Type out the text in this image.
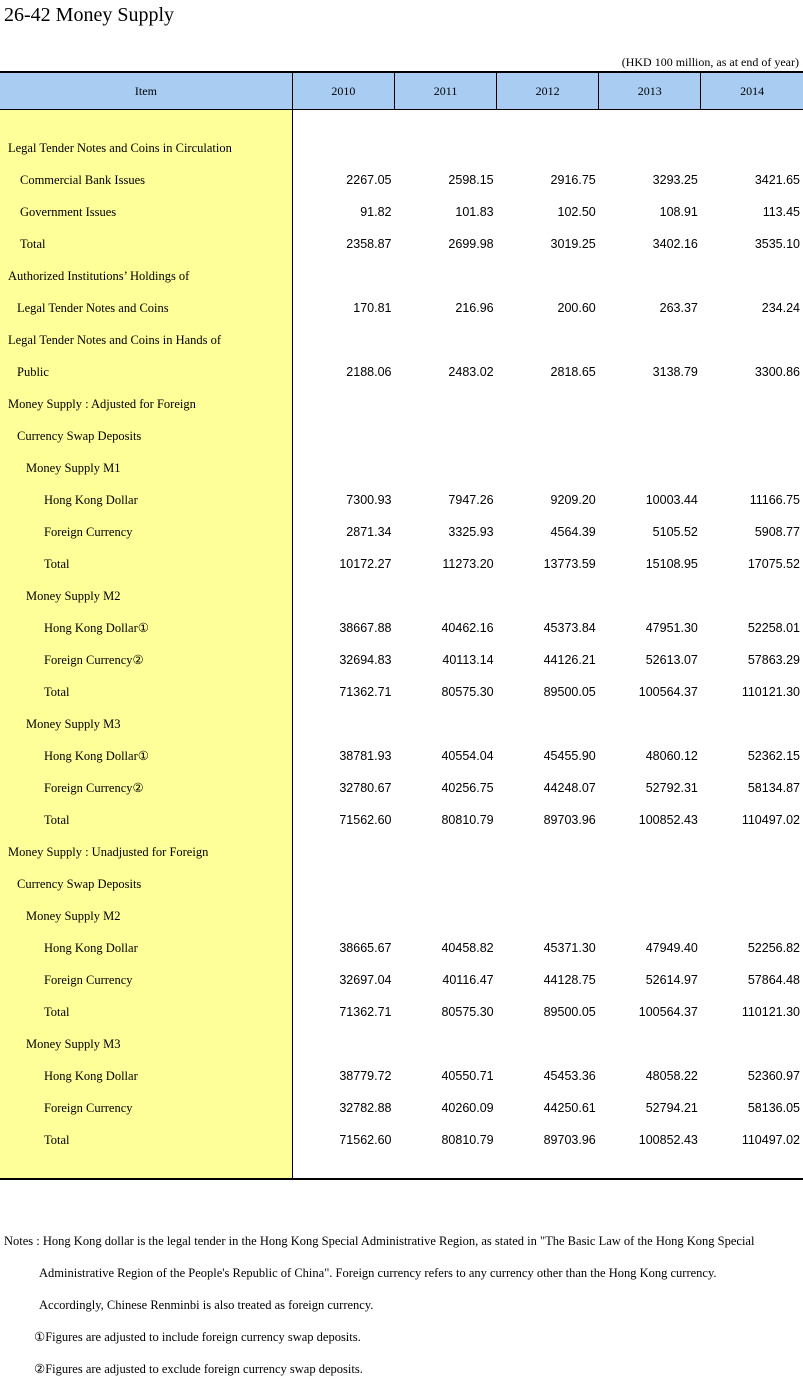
26-42 Money Supply
(HKD 100 million, as at end of year)
Item	2010	2011	2012	2013	2014

Legal Tender Notes and Coins in Circulation					
Commercial Bank Issues	2267.05	2598.15	2916.75	3293.25	3421.65
Government Issues	91.82	101.83	102.50	108.91	113.45
Total	2358.87	2699.98	3019.25	3402.16	3535.10
Authorized Institutions’ Holdings of					
Legal Tender Notes and Coins	170.81	216.96	200.60	263.37	234.24
Legal Tender Notes and Coins in Hands of					
Public	2188.06	2483.02	2818.65	3138.79	3300.86
Money Supply : Adjusted for Foreign					
Currency Swap Deposits					
Money Supply M1					
Hong Kong Dollar	7300.93	7947.26	9209.20	10003.44	11166.75
Foreign Currency	2871.34	3325.93	4564.39	5105.52	5908.77
Total	10172.27	11273.20	13773.59	15108.95	17075.52
Money Supply M2					
Hong Kong Dollar①	38667.88	40462.16	45373.84	47951.30	52258.01
Foreign Currency②	32694.83	40113.14	44126.21	52613.07	57863.29
Total	71362.71	80575.30	89500.05	100564.37	110121.30
Money Supply M3					
Hong Kong Dollar①	38781.93	40554.04	45455.90	48060.12	52362.15
Foreign Currency②	32780.67	40256.75	44248.07	52792.31	58134.87
Total	71562.60	80810.79	89703.96	100852.43	110497.02
Money Supply : Unadjusted for Foreign					
Currency Swap Deposits					
Money Supply M2					
Hong Kong Dollar	38665.67	40458.82	45371.30	47949.40	52256.82
Foreign Currency	32697.04	40116.47	44128.75	52614.97	57864.48
Total	71362.71	80575.30	89500.05	100564.37	110121.30
Money Supply M3					
Hong Kong Dollar	38779.72	40550.71	45453.36	48058.22	52360.97
Foreign Currency	32782.88	40260.09	44250.61	52794.21	58136.05
Total	71562.60	80810.79	89703.96	100852.43	110497.02

Notes : Hong Kong dollar is the legal tender in the Hong Kong Special Administrative Region, as stated in "The Basic Law of the Hong Kong Special
Administrative Region of the People's Republic of China". Foreign currency refers to any currency other than the Hong Kong currency.
Accordingly, Chinese Renminbi is also treated as foreign currency.
①Figures are adjusted to include foreign currency swap deposits.
②Figures are adjusted to exclude foreign currency swap deposits.
